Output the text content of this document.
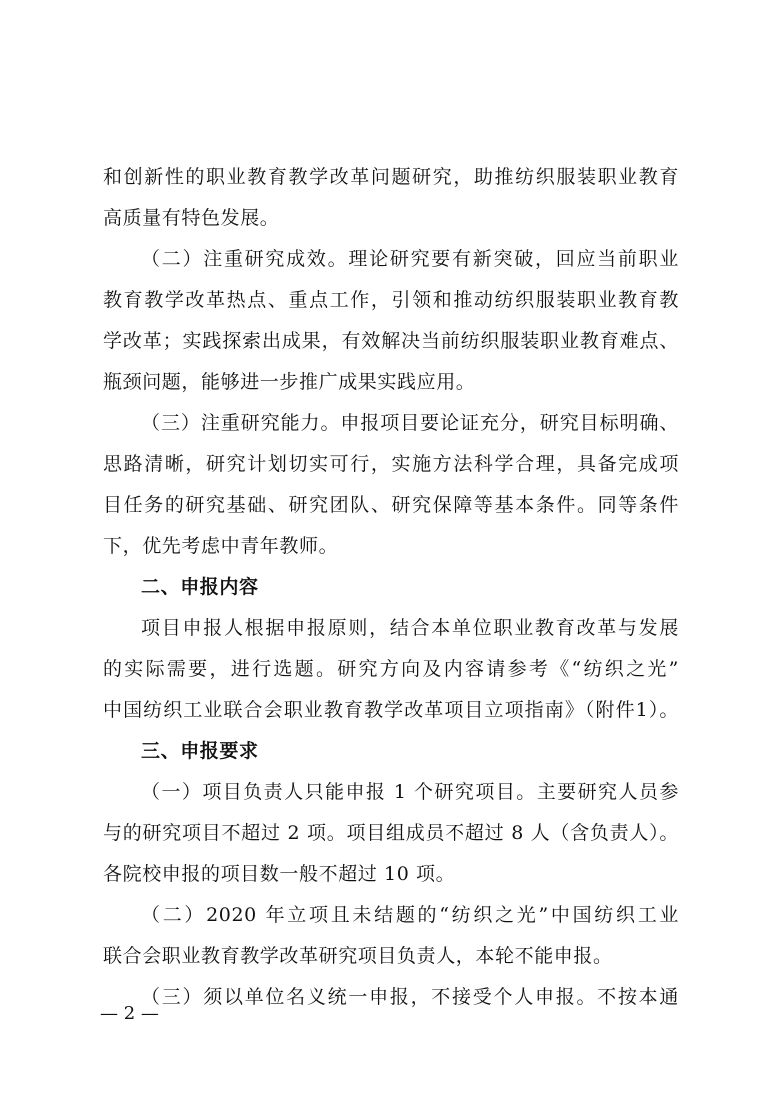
和创新性的职业教育教学改革问题研究，助推纺织服装职业教育

高质量有特色发展。

（二）注重研究成效。理论研究要有新突破，回应当前职业

教育教学改革热点、重点工作，引领和推动纺织服装职业教育教

学改革；实践探索出成果，有效解决当前纺织服装职业教育难点、

瓶颈问题，能够进一步推广成果实践应用。

（三）注重研究能力。申报项目要论证充分，研究目标明确、

思路清晰，研究计划切实可行，实施方法科学合理，具备完成项

目任务的研究基础、研究团队、研究保障等基本条件。同等条件

下，优先考虑中青年教师。

二、申报内容

项目申报人根据申报原则，结合本单位职业教育改革与发展

的实际需要，进行选题。研究方向及内容请参考《“纺织之光”

中国纺织工业联合会职业教育教学改革项目立项指南》（附件1）。

三、申报要求

（一）项目负责人只能申报 1 个研究项目。主要研究人员参

与的研究项目不超过 2 项。项目组成员不超过 8 人（含负责人）。

各院校申报的项目数一般不超过 10 项。

（二）2020 年立项且未结题的“纺织之光”中国纺织工业

联合会职业教育教学改革研究项目负责人，本轮不能申报。

（三）须以单位名义统一申报，不接受个人申报。不按本通

— 2 —
